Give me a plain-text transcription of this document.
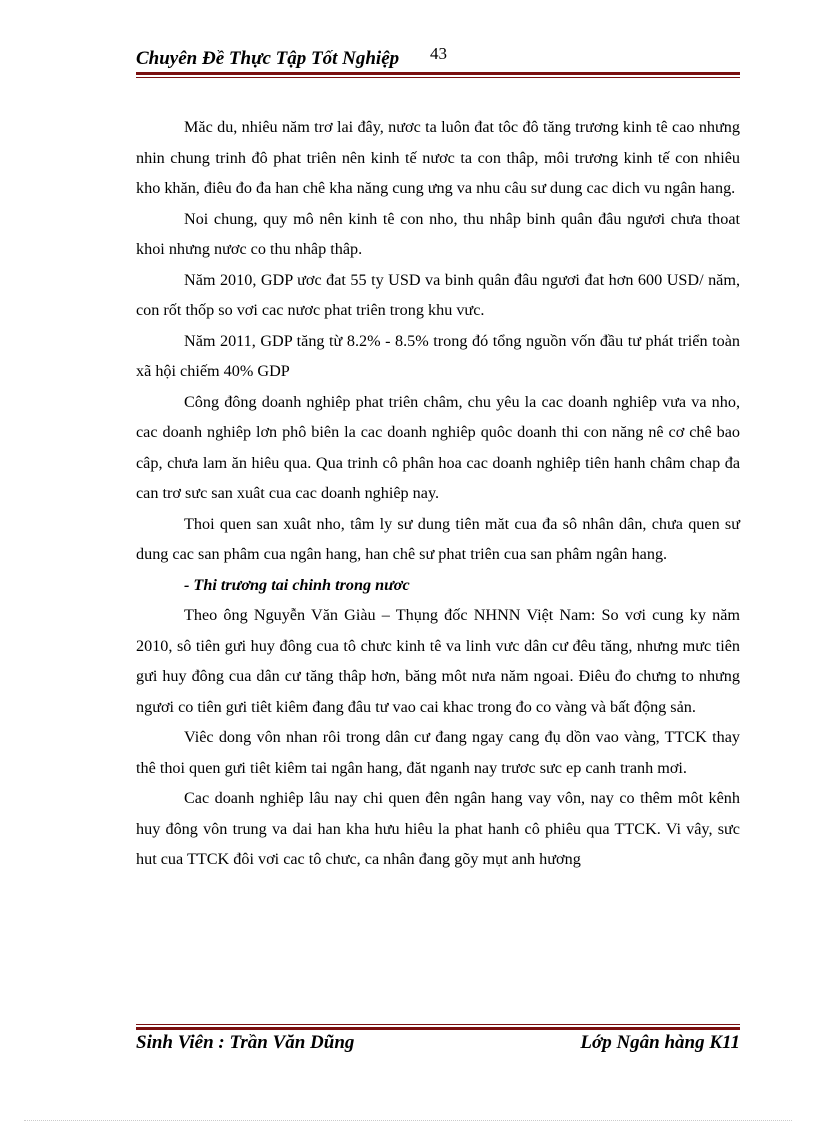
Chuyên Đề Thực Tập Tốt Nghiệp 43

Măc du, nhiêu năm trơ lai đây, nươc ta luôn đat tôc đô tăng trương kinh tê cao nhưng nhin chung trinh đô phat triên nên kinh tế nươc ta con thâp, môi trương kinh tế con nhiêu kho khăn, điêu đo đa han chê kha năng cung ưng va nhu câu sư dung cac dich vu ngân hang.

Noi chung, quy mô nên kinh tê con nho, thu nhâp binh quân đâu ngươi chưa thoat khoi nhưng nươc co thu nhâp thâp.

Năm 2010, GDP ươc đat 55 ty USD va binh quân đâu ngươi đat hơn 600 USD/ năm, con rốt thốp so vơi cac nươc phat triên trong khu vưc.

Năm 2011, GDP tăng từ 8.2% - 8.5% trong đó tổng nguồn vốn đầu tư phát triển toàn xã hội chiếm 40% GDP

Công đông doanh nghiêp phat triên châm, chu yêu la cac doanh nghiêp vưa va nho, cac doanh nghiêp lơn phô biên la cac doanh nghiêp quôc doanh thi con năng nê cơ chê bao câp, chưa lam ăn hiêu qua. Qua trinh cô phân hoa cac doanh nghiêp tiên hanh châm chap đa can trơ sưc san xuât cua cac doanh nghiêp nay.

Thoi quen san xuât nho, tâm ly sư dung tiên măt cua đa sô nhân dân, chưa quen sư dung cac san phâm cua ngân hang, han chê sư phat triên cua san phâm ngân hang.

- Thi trương tai chinh trong nươc

Theo ông Nguyễn Văn Giàu – Thụng đốc NHNN Việt Nam: So vơi cung ky năm 2010, sô tiên gưi huy đông cua tô chưc kinh tê va linh vưc dân cư đêu tăng, nhưng mưc tiên gưi huy đông cua dân cư tăng thâp hơn, băng môt nưa năm ngoai. Điêu đo chưng to nhưng ngươi co tiên gưi tiêt kiêm đang đâu tư vao cai khac trong đo co vàng và bất động sản.

Viêc dong vôn nhan rôi trong dân cư đang ngay cang đụ dồn vao vàng, TTCK thay thê thoi quen gưi tiêt kiêm tai ngân hang, đăt nganh nay trươc sưc ep canh tranh mơi.

Cac doanh nghiêp lâu nay chi quen đên ngân hang vay vôn, nay co thêm môt kênh huy đông vôn trung va dai han kha hưu hiêu la phat hanh cô phiêu qua TTCK. Vi vây, sưc hut cua TTCK đôi vơi cac tô chưc, ca nhân đang gõy mụt anh hương

Sinh Viên : Trần Văn Dũng	Lớp Ngân hàng K11
